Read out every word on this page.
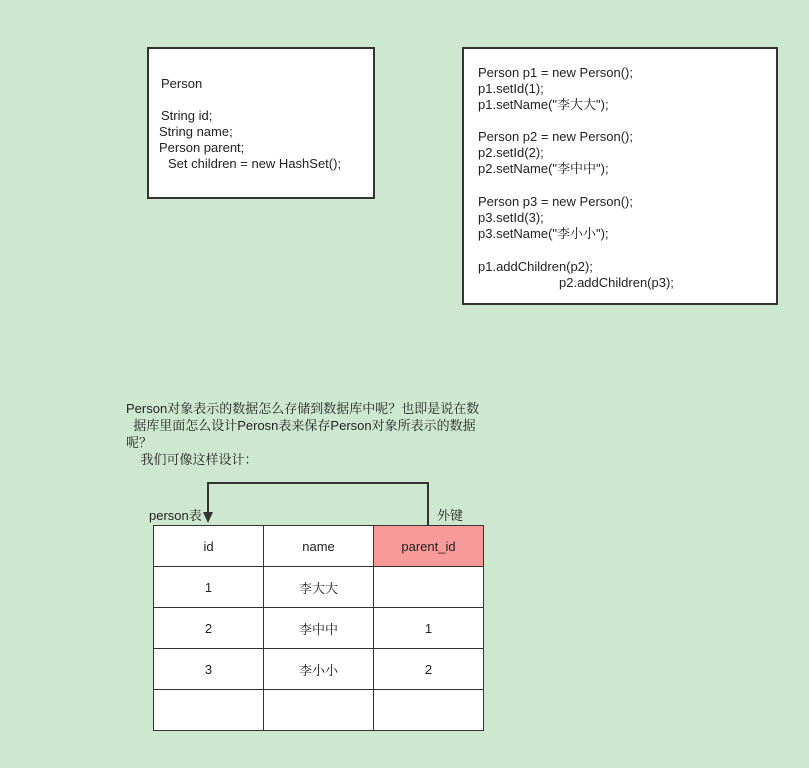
Person
String id;
String name;
Person parent;
Set children = new HashSet();
Person p1 = new Person();
p1.setId(1);
p1.setName("李大大");
Person p2 = new Person();
p2.setId(2);
p2.setName("李中中");
Person p3 = new Person();
p3.setId(3);
p3.setName("李小小");
p1.addChildren(p2);
p2.addChildren(p3);
Person对象表示的数据怎么存储到数据库中呢？也即是说在数
据库里面怎么设计Perosn表来保存Person对象所表示的数据
呢？
我们可像这样设计：
person表	外键
id	name	parent_id
1	李大大	
2	李中中	1
3	李小小	2
